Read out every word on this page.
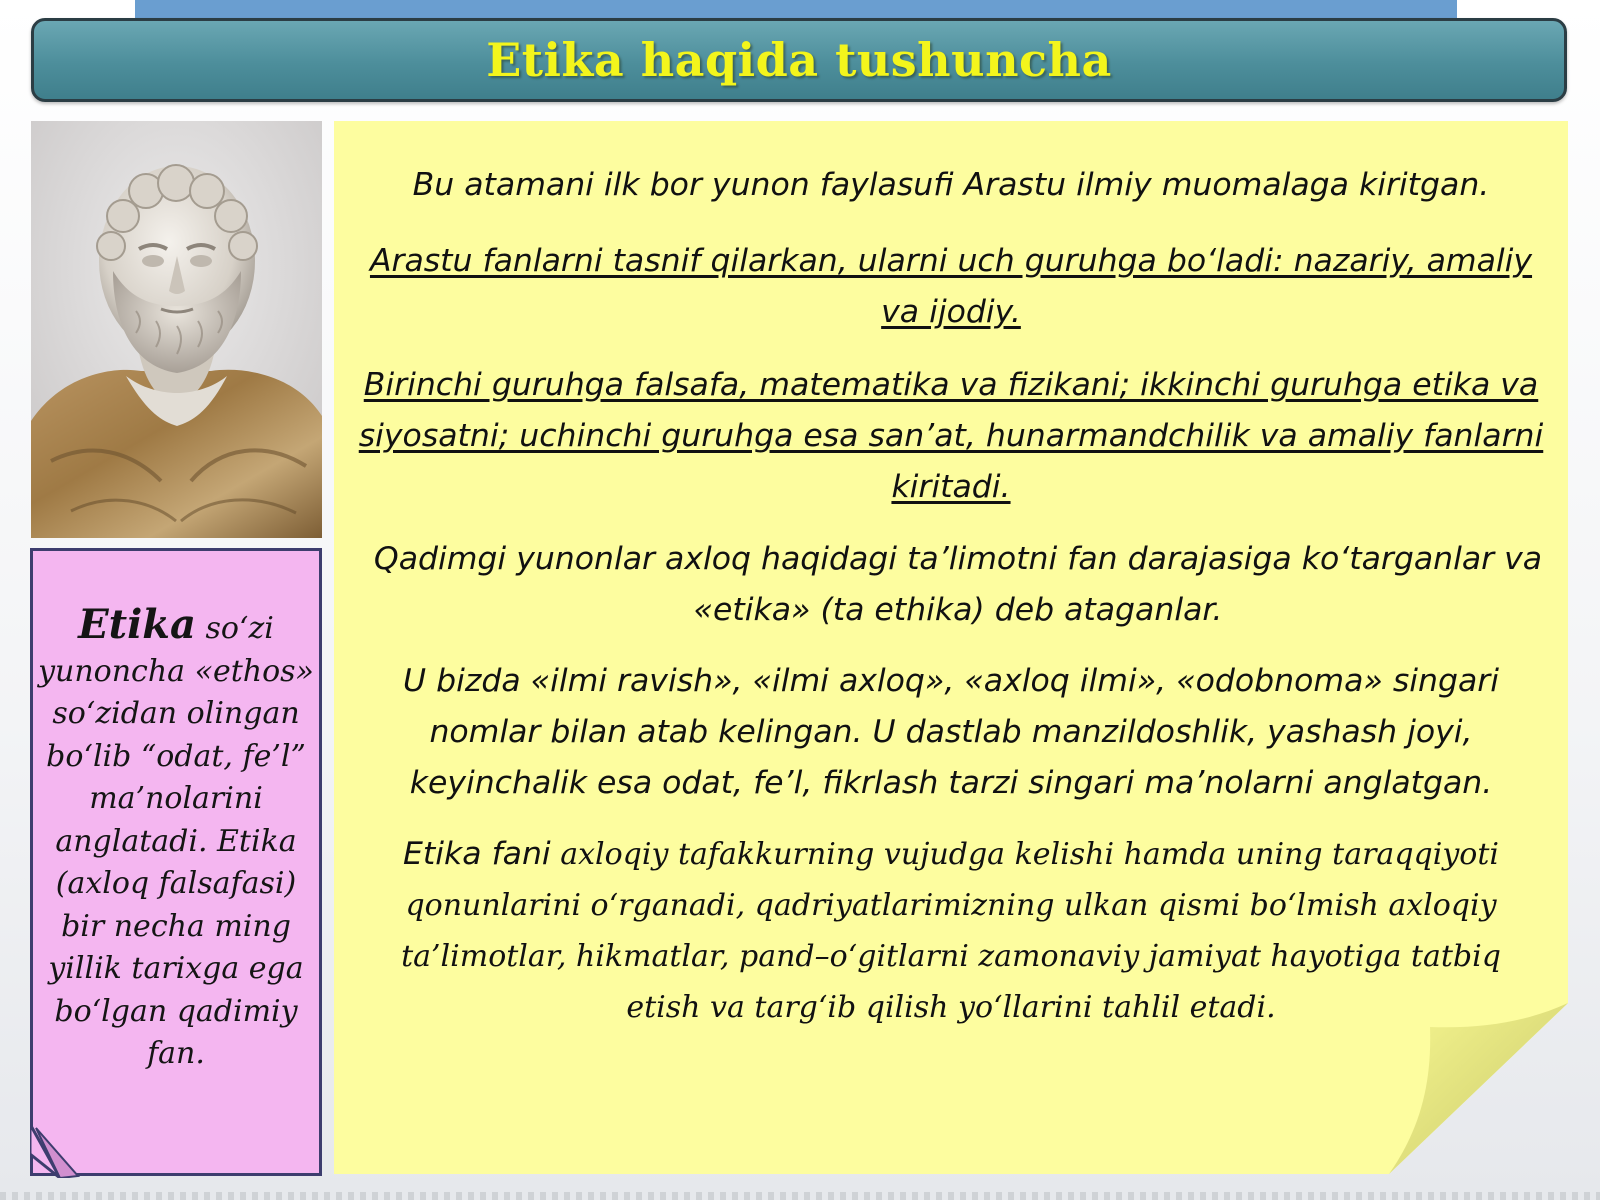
Etika haqida tushuncha
Etika so‘zi yunoncha «ethos» so‘zidan olingan bo‘lib “odat, fe’l” ma’nolarini anglatadi. Etika (axloq falsafasi) bir necha ming yillik tarixga ega bo‘lgan qadimiy fan.

Bu atamani ilk bor yunon faylasufi Arastu ilmiy muomalaga kiritgan.

Arastu fanlarni tasnif qilarkan, ularni uch guruhga bo‘ladi: nazariy, amaliy va ijodiy.

Birinchi guruhga falsafa, matematika va fizikani; ikkinchi guruhga etika va siyosatni; uchinchi guruhga esa san’at, hunarmandchilik va amaliy fanlarni kiritadi.

Qadimgi yunonlar axloq haqidagi ta’limotni fan darajasiga ko‘targanlar va «etika» (ta ethika) deb ataganlar.

U bizda «ilmi ravish», «ilmi axloq», «axloq ilmi», «odobnoma» singari nomlar bilan atab kelingan. U dastlab manzildoshlik, yashash joyi, keyinchalik esa odat, fe’l, fikrlash tarzi singari ma’nolarni anglatgan.

Etika fani axloqiy tafakkurning vujudga kelishi hamda uning taraqqiyoti qonunlarini o‘rganadi, qadriyatlarimizning ulkan qismi bo‘lmish axloqiy ta’limotlar, hikmatlar, pand–o‘gitlarni zamonaviy jamiyat hayotiga tatbiq etish va targ‘ib qilish yo‘llarini tahlil etadi.
